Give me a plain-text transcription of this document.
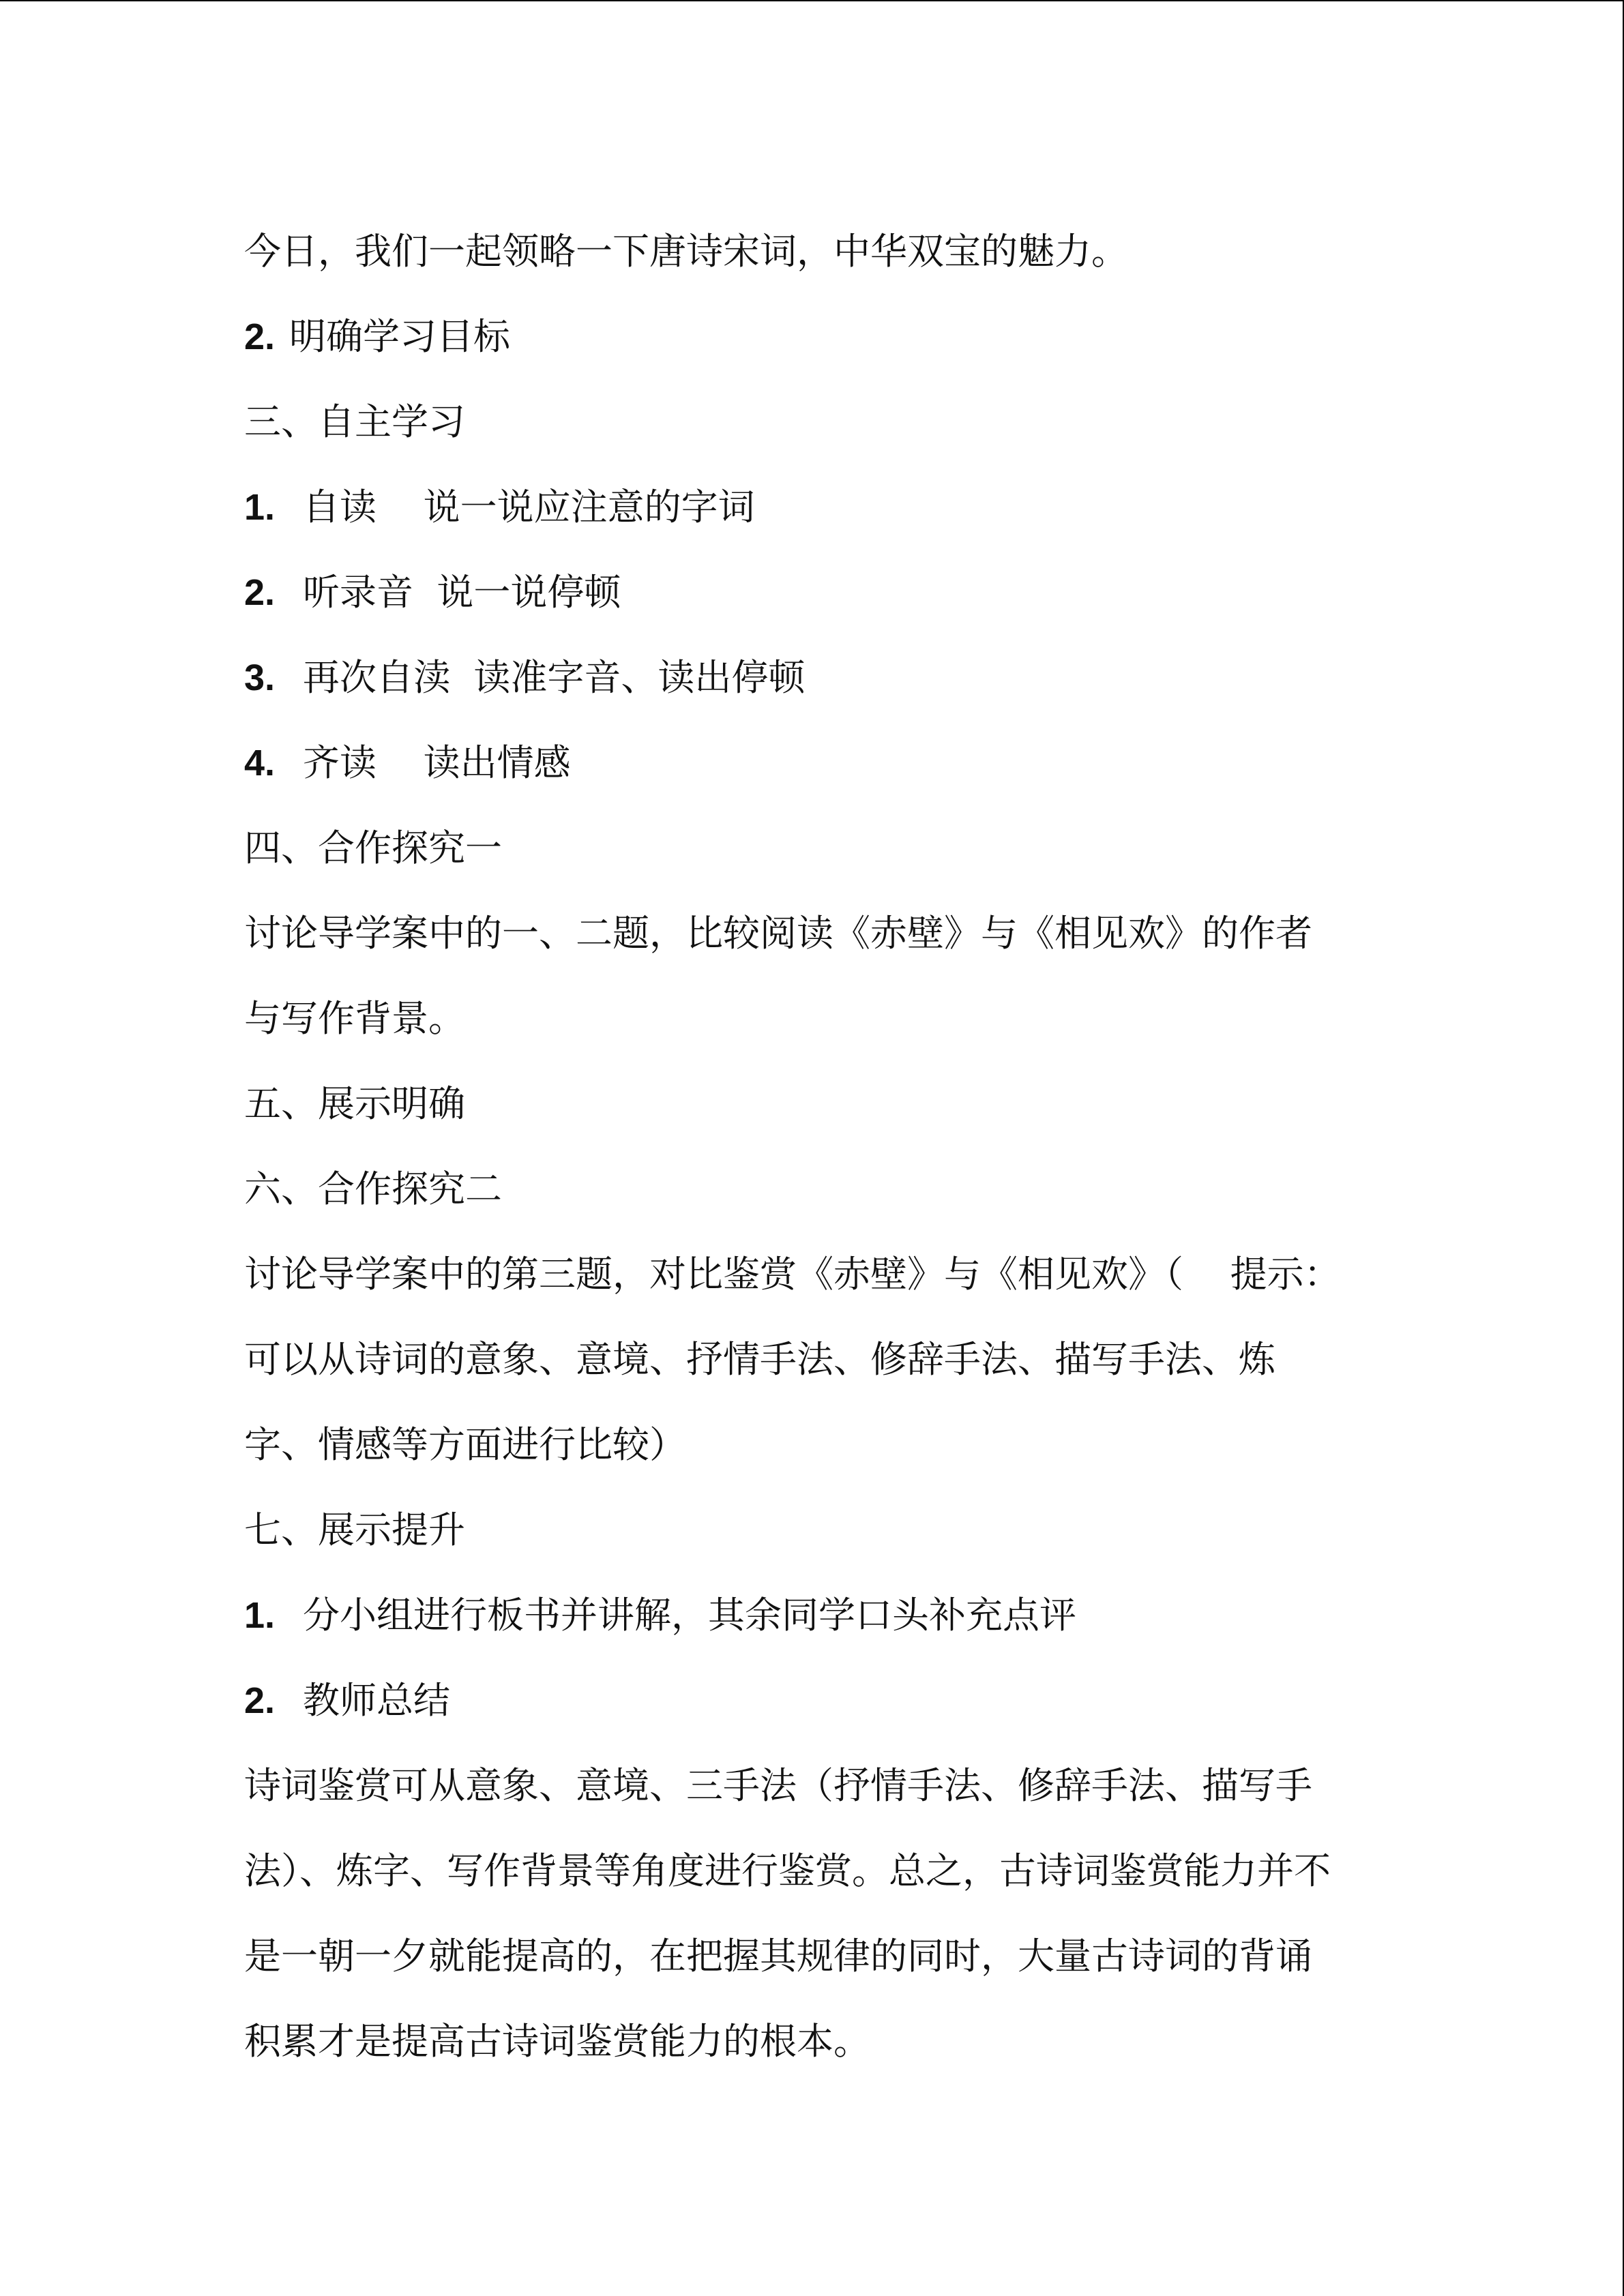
今日，我们一起领略一下唐诗宋词，中华双宝的魅力。
2. 明确学习目标
三、自主学习
1. 自读    说一说应注意的字词
2. 听录音  说一说停顿
3. 再次自渎  读准字音、读出停顿
4. 齐读    读出情感
四、合作探究一
讨论导学案中的一、二题，比较阅读《赤壁》与《相见欢》的作者
与写作背景。
五、展示明确
六、合作探究二
讨论导学案中的第三题，对比鉴赏《赤壁》与《相见欢》（    提示：
可以从诗词的意象、意境、抒情手法、修辞手法、描写手法、炼
字、情感等方面进行比较）
七、展示提升
1. 分小组进行板书并讲解，其余同学口头补充点评
2. 教师总结
诗词鉴赏可从意象、意境、三手法（抒情手法、修辞手法、描写手
法）、炼字、写作背景等角度进行鉴赏。总之，古诗词鉴赏能力并不
是一朝一夕就能提高的，在把握其规律的同时，大量古诗词的背诵
积累才是提高古诗词鉴赏能力的根本。
